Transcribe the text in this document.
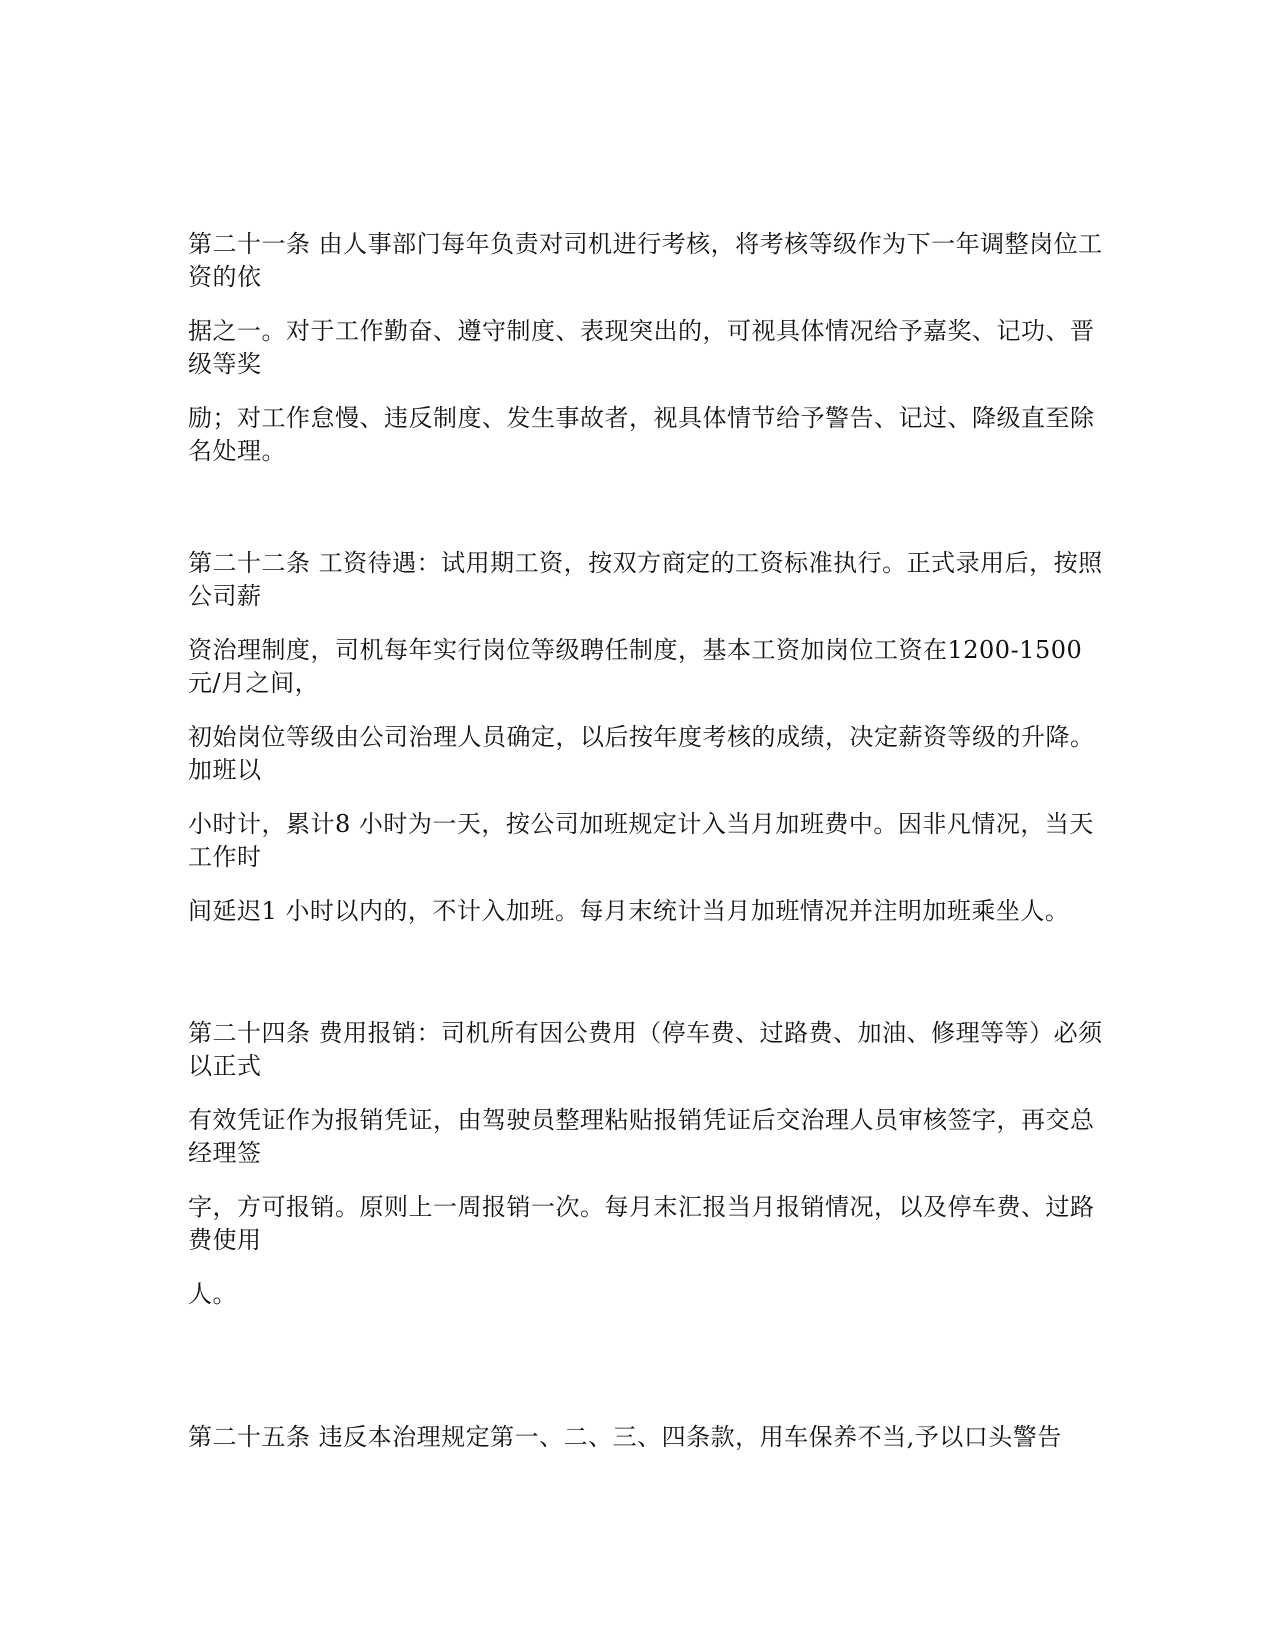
第二十一条 由人事部门每年负责对司机进行考核，将考核等级作为下一年调整岗位工资的依

据之一。对于工作勤奋、遵守制度、表现突出的，可视具体情况给予嘉奖、记功、晋级等奖

励；对工作怠慢、违反制度、发生事故者，视具体情节给予警告、记过、降级直至除名处理。

第二十二条 工资待遇：试用期工资，按双方商定的工资标准执行。正式录用后，按照公司薪

资治理制度，司机每年实行岗位等级聘任制度，基本工资加岗位工资在1200-1500元/月之间，

初始岗位等级由公司治理人员确定，以后按年度考核的成绩，决定薪资等级的升降。加班以

小时计，累计8 小时为一天，按公司加班规定计入当月加班费中。因非凡情况，当天工作时

间延迟1 小时以内的，不计入加班。每月末统计当月加班情况并注明加班乘坐人。

第二十四条 费用报销：司机所有因公费用（停车费、过路费、加油、修理等等）必须以正式

有效凭证作为报销凭证，由驾驶员整理粘贴报销凭证后交治理人员审核签字，再交总经理签

字，方可报销。原则上一周报销一次。每月末汇报当月报销情况，以及停车费、过路费使用

人。

第二十五条 违反本治理规定第一、二、三、四条款，用车保养不当,予以口头警告
